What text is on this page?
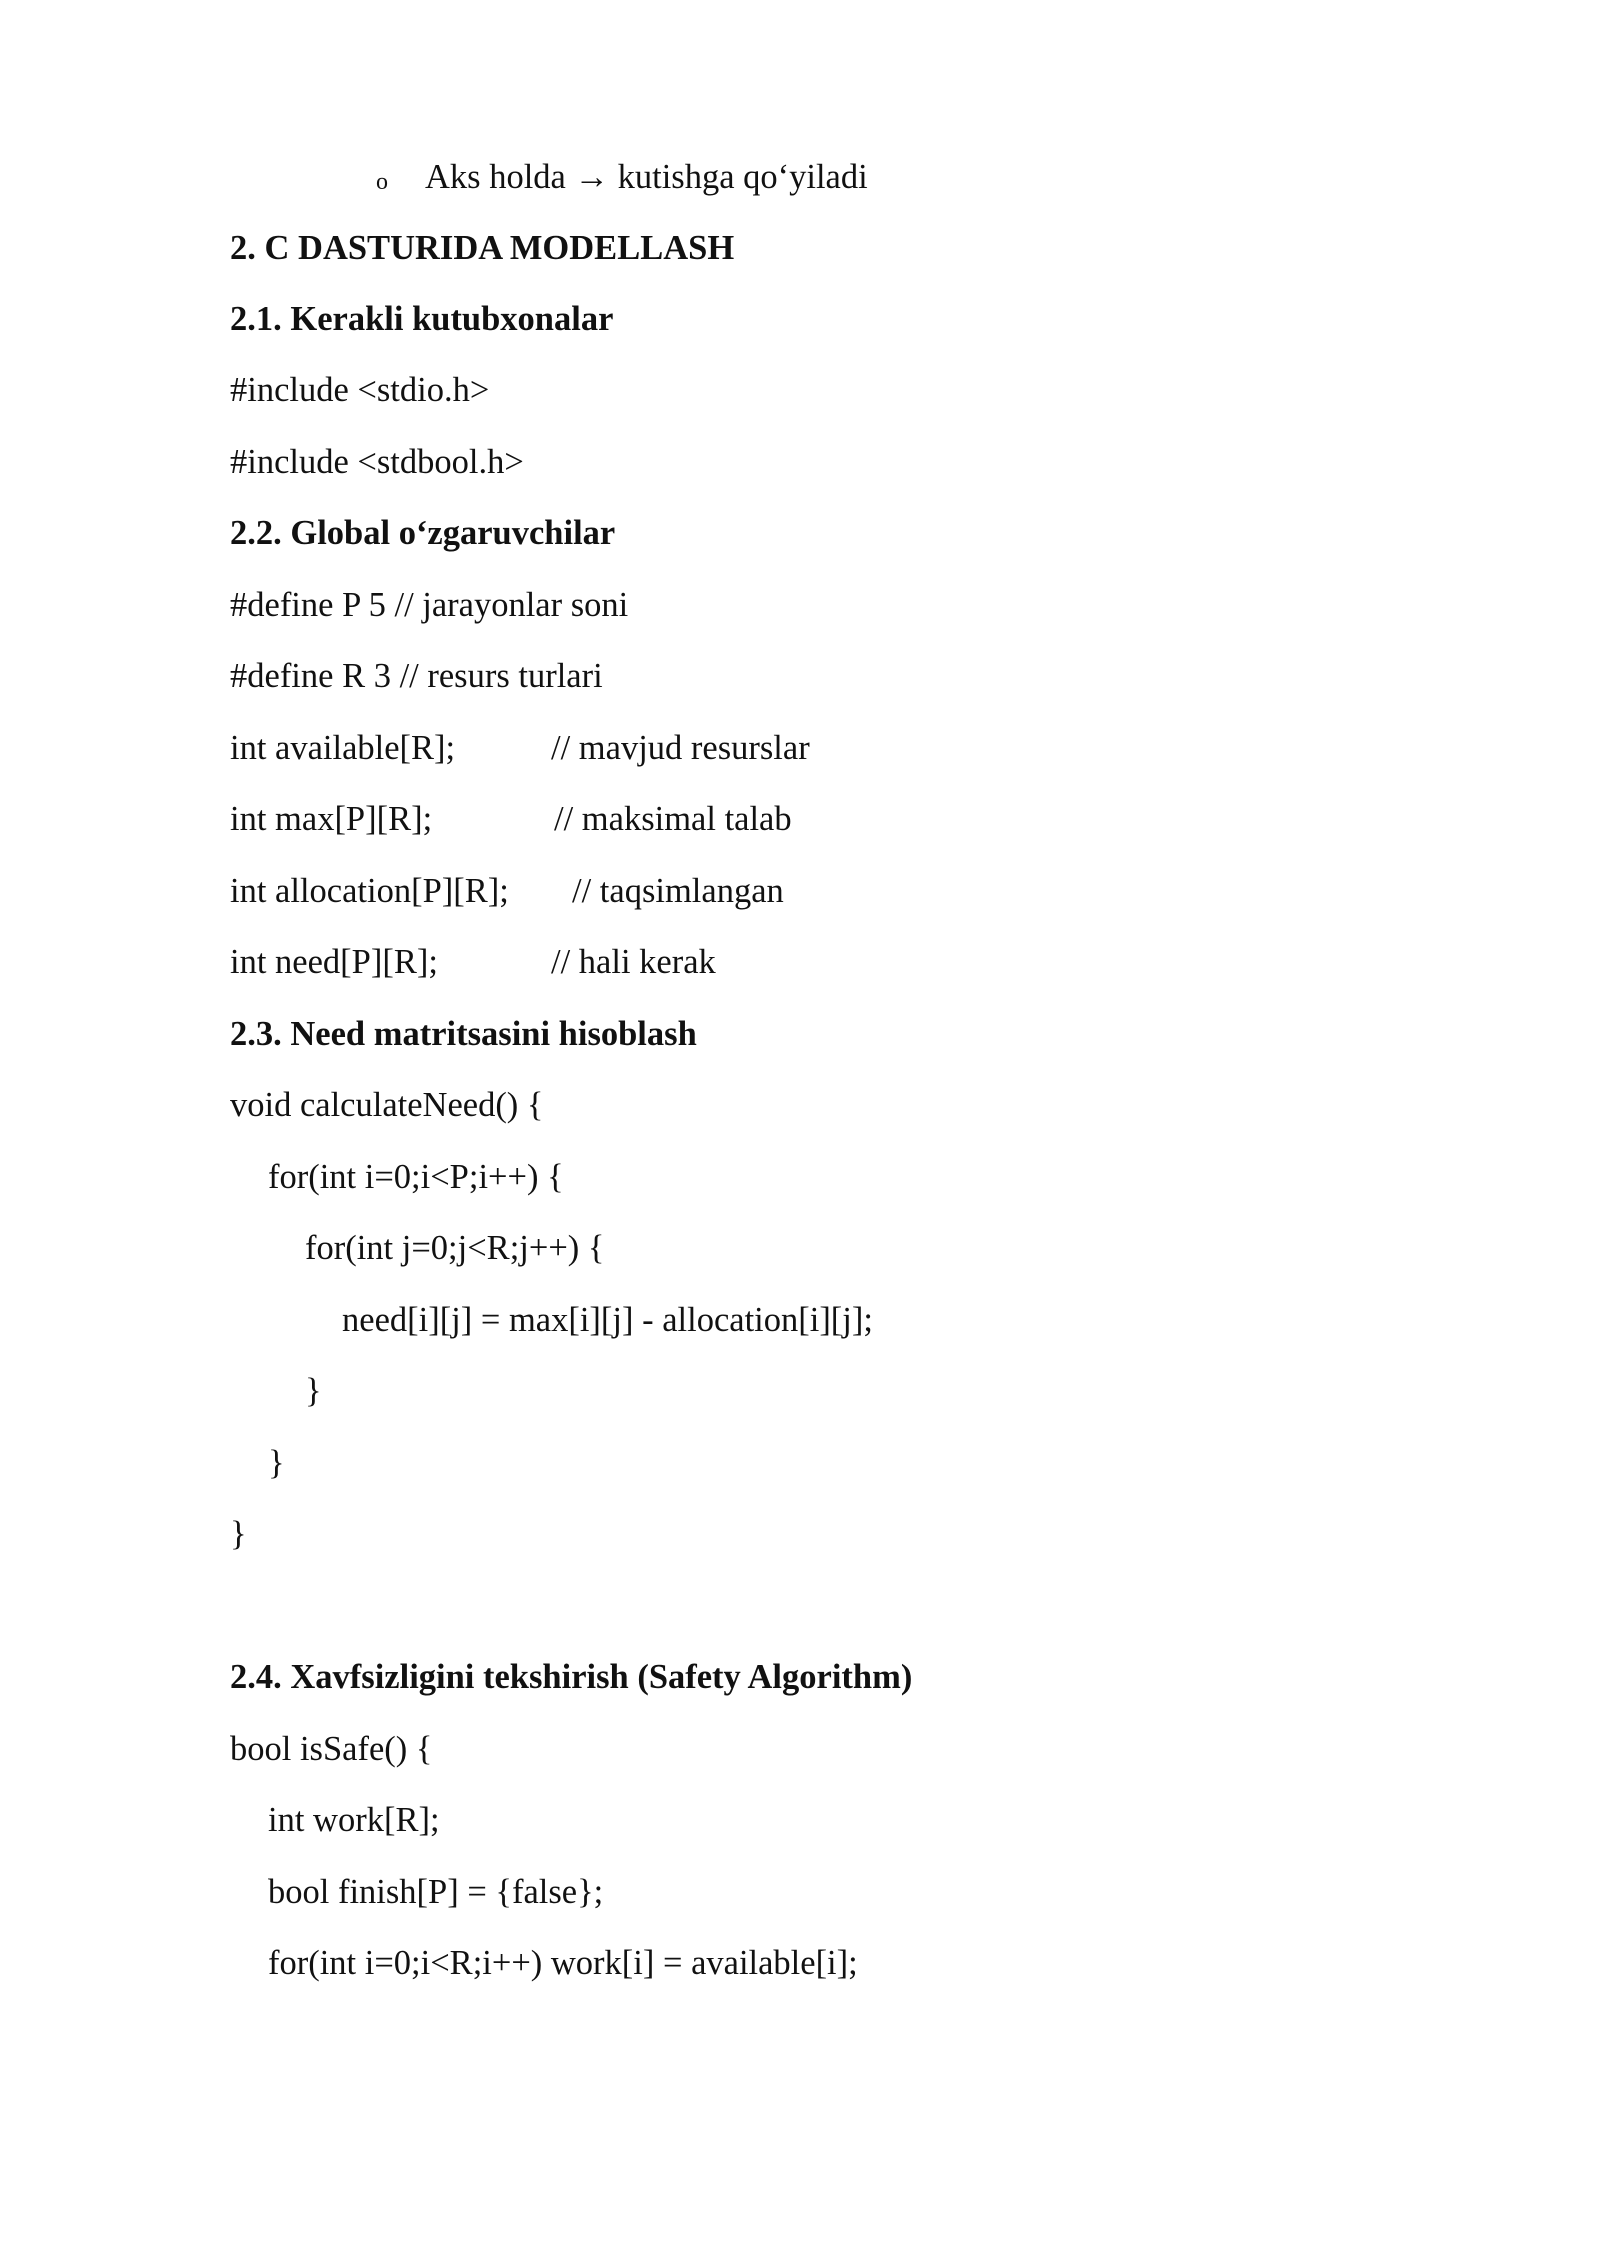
o Aks holda → kutishga qo‘yiladi
2. C DASTURIDA MODELLASH
2.1. Kerakli kutubxonalar
#include <stdio.h>
#include <stdbool.h>
2.2. Global o‘zgaruvchilar
#define P 5 // jarayonlar soni
#define R 3 // resurs turlari
int available[R];	// mavjud resurslar
int max[P][R];	// maksimal talab
int allocation[P][R]; // taqsimlangan
int need[P][R];	// hali kerak
2.3. Need matritsasini hisoblash
void calculateNeed() {
for(int i=0;i<P;i++) {
for(int j=0;j<R;j++) {
need[i][j] = max[i][j] - allocation[i][j];
}
}
}
2.4. Xavfsizligini tekshirish (Safety Algorithm)
bool isSafe() {
int work[R];
bool finish[P] = {false};
for(int i=0;i<R;i++) work[i] = available[i];
